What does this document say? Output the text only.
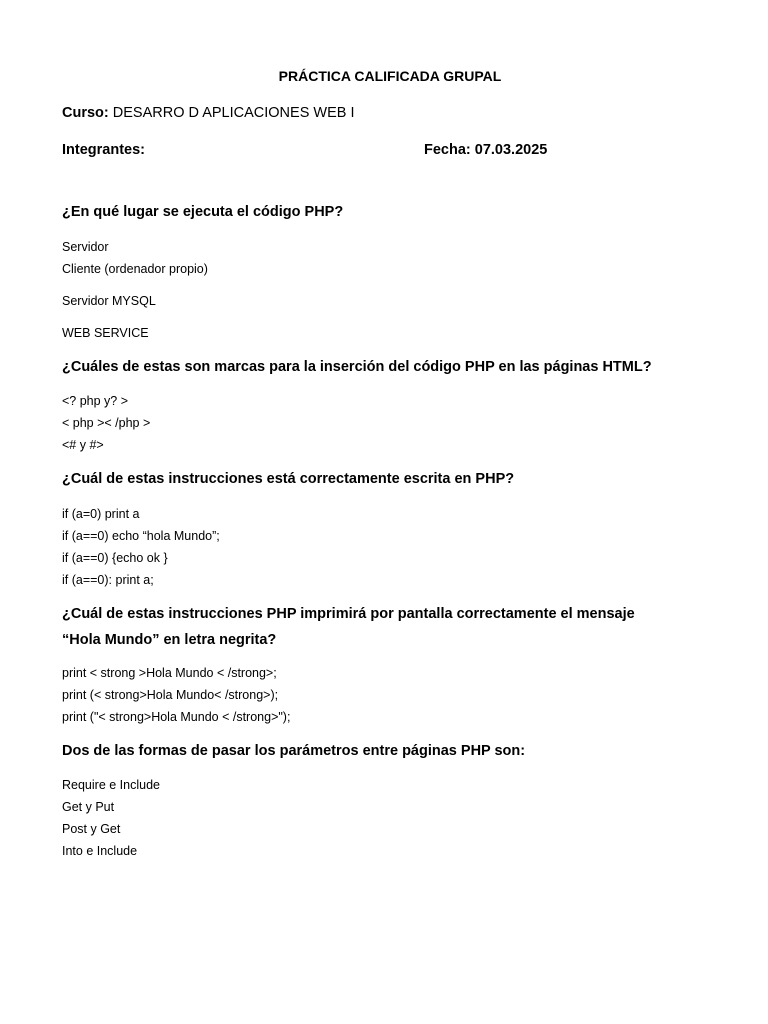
PRÁCTICA CALIFICADA GRUPAL
Curso: DESARRO D APLICACIONES WEB I
Integrantes:	Fecha: 07.03.2025
¿En qué lugar se ejecuta el código PHP?
Servidor
Cliente (ordenador propio)
Servidor MYSQL
WEB SERVICE
¿Cuáles de estas son marcas para la inserción del código PHP en las páginas HTML?
<? php y? >
< php >< /php >
<# y #>
¿Cuál de estas instrucciones está correctamente escrita en PHP?
if (a=0) print a
if (a==0) echo “hola Mundo”;
if (a==0) {echo ok }
if (a==0): print a;
¿Cuál de estas instrucciones PHP imprimirá por pantalla correctamente el mensaje
“Hola Mundo” en letra negrita?
print < strong >Hola Mundo < /strong>;
print (< strong>Hola Mundo< /strong>);
print ("< strong>Hola Mundo < /strong>");
Dos de las formas de pasar los parámetros entre páginas PHP son:
Require e Include
Get y Put
Post y Get
Into e Include
